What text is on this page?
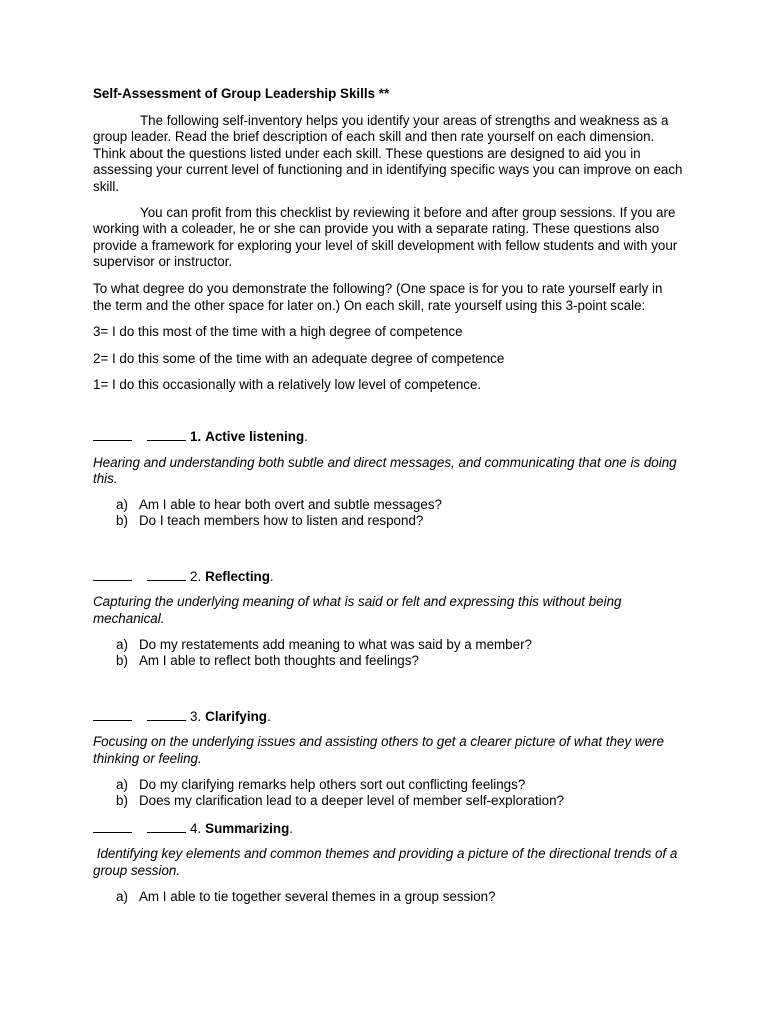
Self-Assessment of Group Leadership Skills **

The following self-inventory helps you identify your areas of strengths and weakness as a group leader. Read the brief description of each skill and then rate yourself on each dimension. Think about the questions listed under each skill. These questions are designed to aid you in assessing your current level of functioning and in identifying specific ways you can improve on each skill.

You can profit from this checklist by reviewing it before and after group sessions. If you are working with a coleader, he or she can provide you with a separate rating. These questions also provide a framework for exploring your level of skill development with fellow students and with your supervisor or instructor.

To what degree do you demonstrate the following? (One space is for you to rate yourself early in the term and the other space for later on.) On each skill, rate yourself using this 3-point scale:

3= I do this most of the time with a high degree of competence

2= I do this some of the time with an adequate degree of competence

1= I do this occasionally with a relatively low level of competence.

1. Active listening .

Hearing and understanding both subtle and direct messages, and communicating that one is doing this.

a) Am I able to hear both overt and subtle messages?
b) Do I teach members how to listen and respond?
2. Reflecting .

Capturing the underlying meaning of what is said or felt and expressing this without being mechanical.

a) Do my restatements add meaning to what was said by a member?
b) Am I able to reflect both thoughts and feelings?
3. Clarifying .

Focusing on the underlying issues and assisting others to get a clearer picture of what they were thinking or feeling.

a) Do my clarifying remarks help others sort out conflicting feelings?
b) Does my clarification lead to a deeper level of member self-exploration?
4. Summarizing .

Identifying key elements and common themes and providing a picture of the directional trends of a group session.

a) Am I able to tie together several themes in a group session?
